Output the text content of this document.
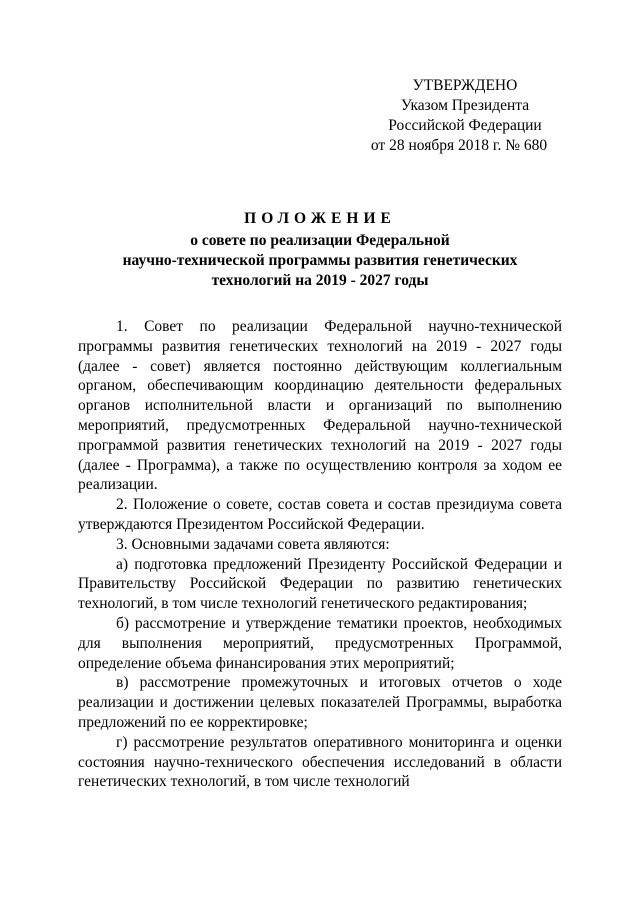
УТВЕРЖДЕНО
Указом Президента
Российской Федерации
от 28 ноября 2018 г. № 680
ПОЛОЖЕНИЕ
о совете по реализации Федеральной
научно-технической программы развития генетических
технологий на 2019 - 2027 годы

1. Совет по реализации Федеральной научно-технической программы развития генетических технологий на 2019 - 2027 годы (далее - совет) является постоянно действующим коллегиальным органом, обеспечивающим координацию деятельности федеральных органов исполнительной власти и организаций по выполнению мероприятий, предусмотренных Федеральной научно-технической программой развития генетических технологий на 2019 - 2027 годы (далее - Программа), а также по осуществлению контроля за ходом ее реализации.

2. Положение о совете, состав совета и состав президиума совета утверждаются Президентом Российской Федерации.

3. Основными задачами совета являются:

а) подготовка предложений Президенту Российской Федерации и Правительству Российской Федерации по развитию генетических технологий, в том числе технологий генетического редактирования;

б) рассмотрение и утверждение тематики проектов, необходимых для выполнения мероприятий, предусмотренных Программой, определение объема финансирования этих мероприятий;

в) рассмотрение промежуточных и итоговых отчетов о ходе реализации и достижении целевых показателей Программы, выработка предложений по ее корректировке;

г) рассмотрение результатов оперативного мониторинга и оценки состояния научно-технического обеспечения исследований в области генетических технологий, в том числе технологий
